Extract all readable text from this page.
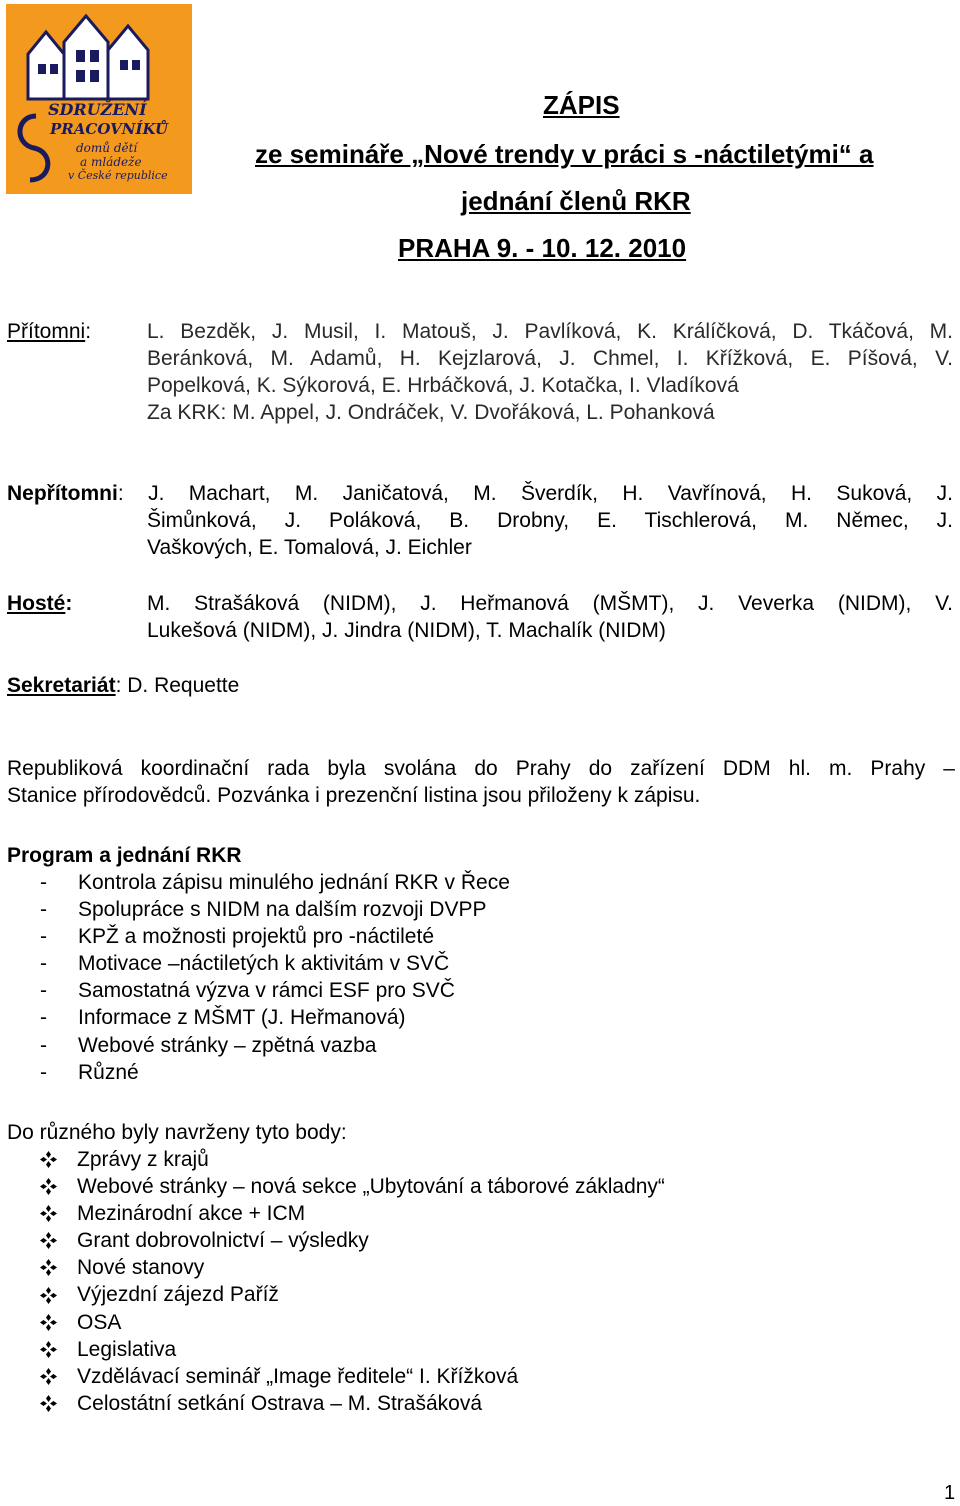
SDRUŽENÍ
PRACOVNÍKŮ
domů dětí
a mládeže
v České republice
ZÁPIS
ze semináře „Nové trendy v práci s -náctiletými“ a
jednání členů RKR
PRAHA 9. - 10. 12. 2010
Přítomni:	L. Bezděk, J. Musil, I. Matouš, J. Pavlíková, K. Králíčková, D. Tkáčová, M.
Beránková, M. Adamů, H. Kejzlarová, J. Chmel, I. Křížková, E. Píšová, V.
Popelková, K. Sýkorová, E. Hrbáčková, J. Kotačka, I. Vladíková
Za KRK: M. Appel, J. Ondráček, V. Dvořáková, L. Pohanková
Nepřítomni: J. Machart, M. Janičatová, M. Šverdík, H. Vavřínová, H. Suková, J.
Šimůnková, J. Poláková, B. Drobny, E. Tischlerová, M. Němec, J.
Vaškových, E. Tomalová, J. Eichler
Hosté:	M. Strašáková (NIDM), J. Heřmanová (MŠMT), J. Veverka (NIDM), V.
Lukešová (NIDM), J. Jindra (NIDM), T. Machalík (NIDM)
Sekretariát: D. Requette
Republiková koordinační rada byla svolána do Prahy do zařízení DDM hl. m. Prahy –
Stanice přírodovědců. Pozvánka i prezenční listina jsou přiloženy k zápisu.
Program a jednání RKR
-	Kontrola zápisu minulého jednání RKR v Řece
-	Spolupráce s NIDM na dalším rozvoji DVPP
-	KPŽ a možnosti projektů pro -náctileté
-	Motivace –náctiletých k aktivitám v SVČ
-	Samostatná výzva v rámci ESF pro SVČ
-	Informace z MŠMT (J. Heřmanová)
-	Webové stránky – zpětná vazba
-	Různé
Do různého byly navrženy tyto body:
Zprávy z krajů
Webové stránky – nová sekce „Ubytování a táborové základny“
Mezinárodní akce + ICM
Grant dobrovolnictví – výsledky
Nové stanovy
Výjezdní zájezd Paříž
OSA
Legislativa
Vzdělávací seminář „Image ředitele“ I. Křížková
Celostátní setkání Ostrava – M. Strašáková
1
